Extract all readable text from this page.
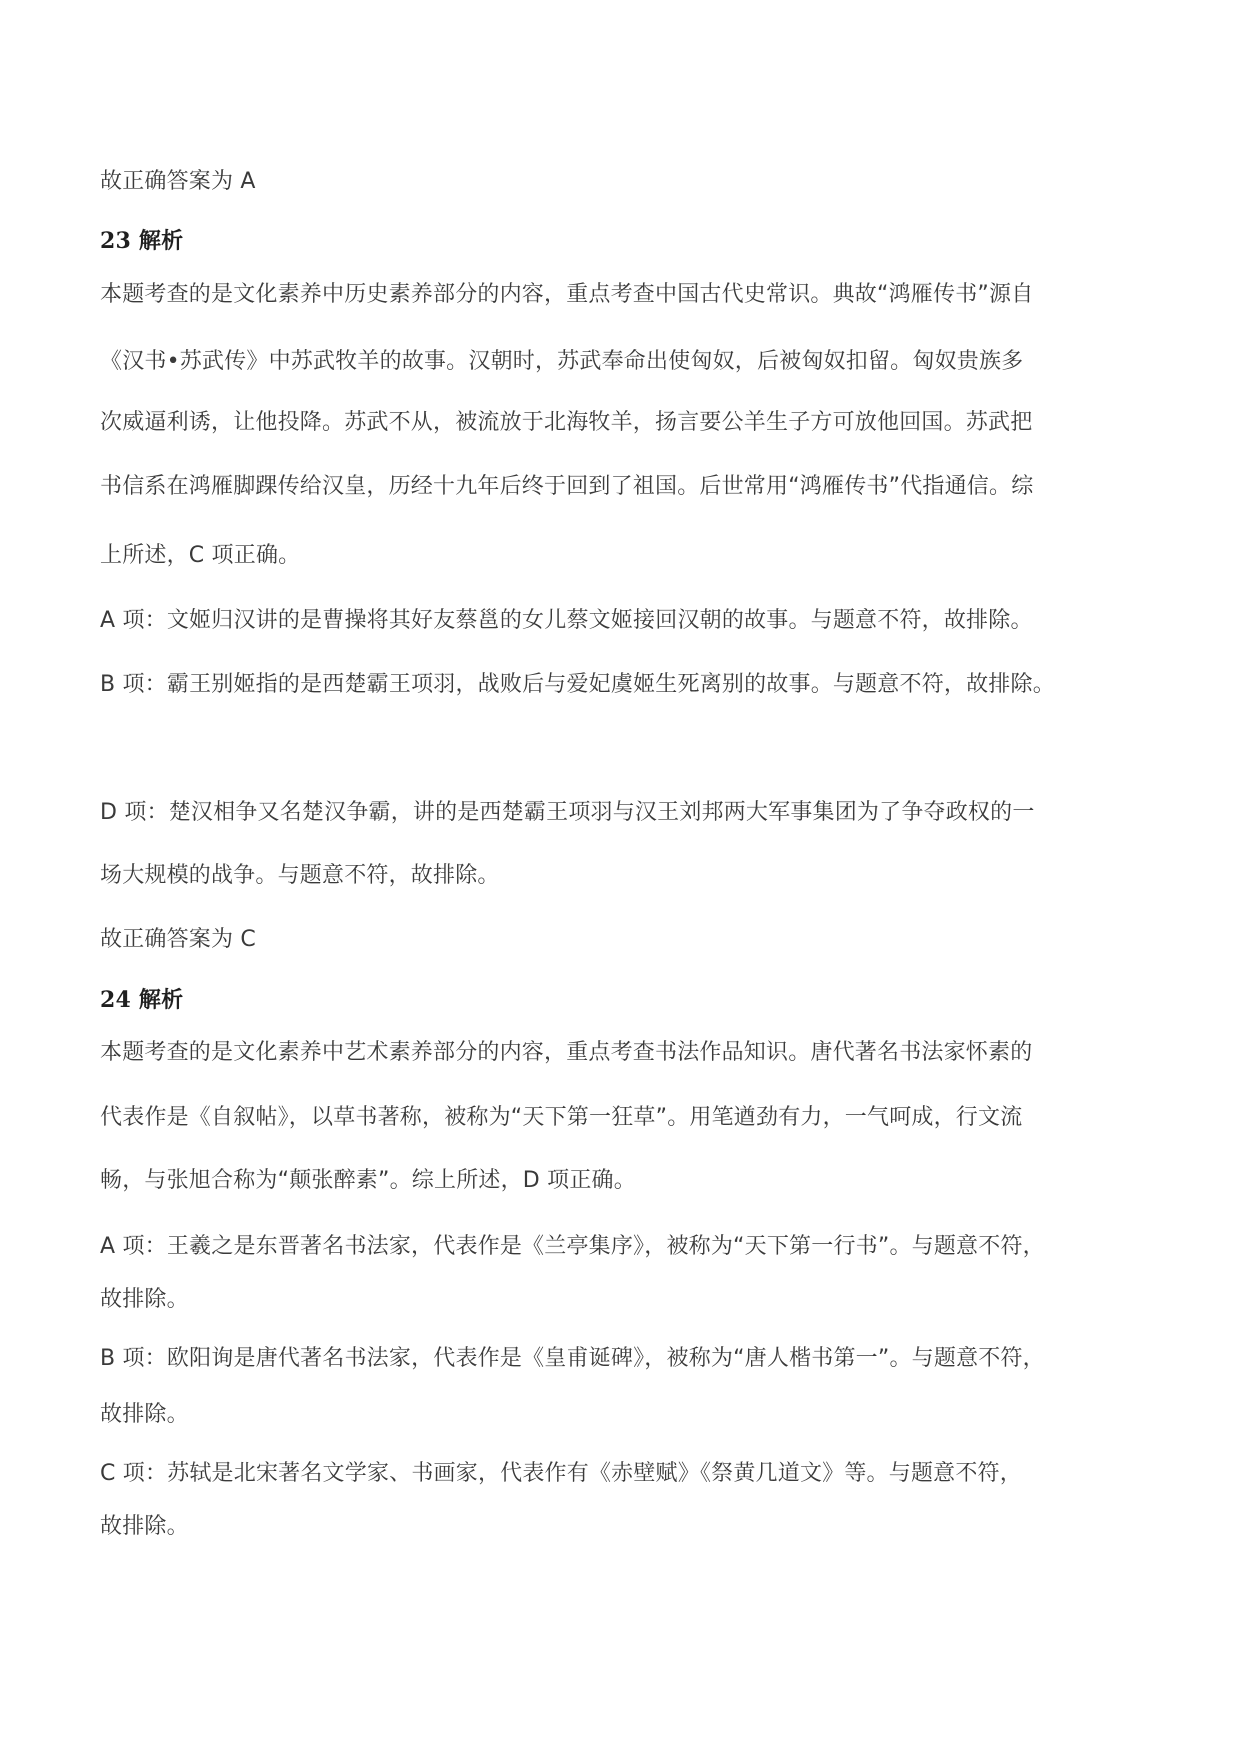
故正确答案为 A
23 解析
本题考查的是文化素养中历史素养部分的内容，重点考查中国古代史常识。典故“鸿雁传书”源自
《汉书•苏武传》中苏武牧羊的故事。汉朝时，苏武奉命出使匈奴，后被匈奴扣留。匈奴贵族多
次威逼利诱，让他投降。苏武不从，被流放于北海牧羊，扬言要公羊生子方可放他回国。苏武把
书信系在鸿雁脚踝传给汉皇，历经十九年后终于回到了祖国。后世常用“鸿雁传书”代指通信。综
上所述，C 项正确。
A 项：文姬归汉讲的是曹操将其好友蔡邕的女儿蔡文姬接回汉朝的故事。与题意不符，故排除。
B 项：霸王别姬指的是西楚霸王项羽，战败后与爱妃虞姬生死离别的故事。与题意不符，故排除。
D 项：楚汉相争又名楚汉争霸，讲的是西楚霸王项羽与汉王刘邦两大军事集团为了争夺政权的一
场大规模的战争。与题意不符，故排除。
故正确答案为 C
24 解析
本题考查的是文化素养中艺术素养部分的内容，重点考查书法作品知识。唐代著名书法家怀素的
代表作是《自叙帖》，以草书著称，被称为“天下第一狂草”。用笔遒劲有力，一气呵成，行文流
畅，与张旭合称为“颠张醉素”。综上所述，D 项正确。
A 项：王羲之是东晋著名书法家，代表作是《兰亭集序》，被称为“天下第一行书”。与题意不符，
故排除。
B 项：欧阳询是唐代著名书法家，代表作是《皇甫诞碑》，被称为“唐人楷书第一”。与题意不符，
故排除。
C 项：苏轼是北宋著名文学家、书画家，代表作有《赤壁赋》《祭黄几道文》等。与题意不符，
故排除。
